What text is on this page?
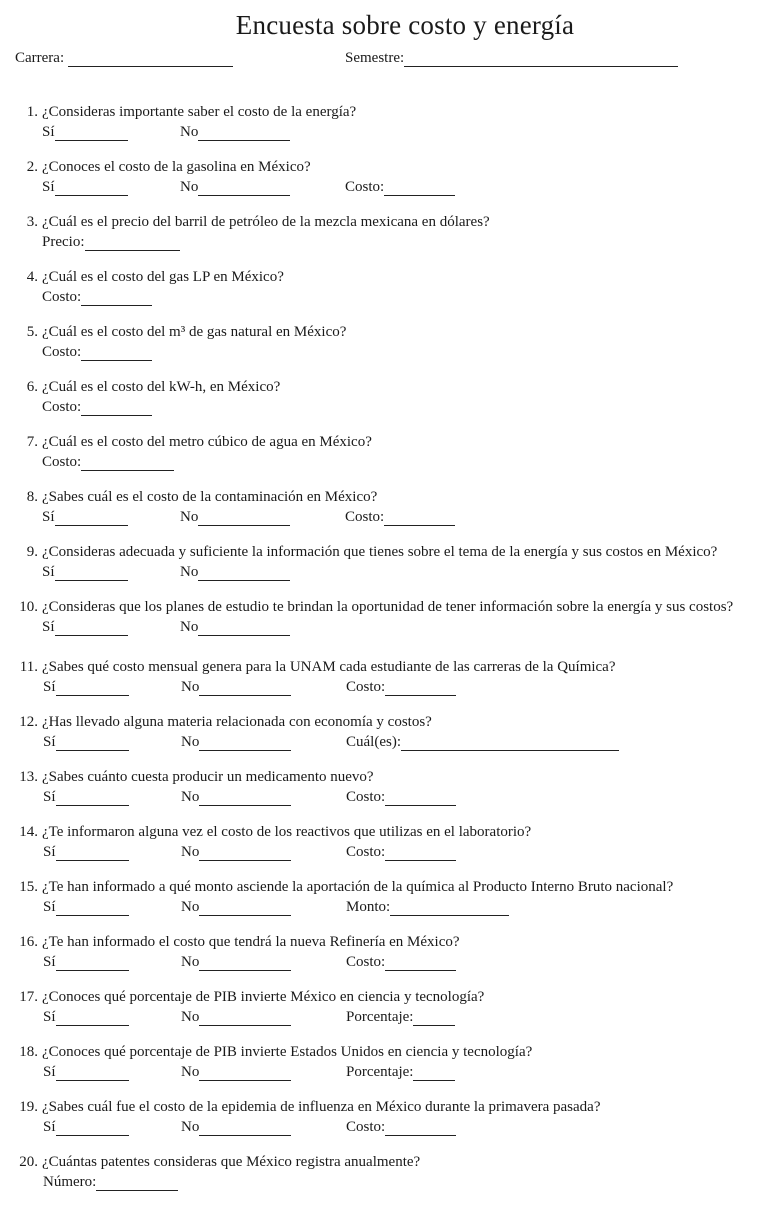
Encuesta sobre costo y energía
Carrera:	Semestre:
1. ¿Consideras importante saber el costo de la energía?
Sí	No
2. ¿Conoces el costo de la gasolina en México?
Sí	No	Costo:
3. ¿Cuál es el precio del barril de petróleo de la mezcla mexicana en dólares?
Precio:
4. ¿Cuál es el costo del gas LP en México?
Costo:
5. ¿Cuál es el costo del m³ de gas natural en México?
Costo:
6. ¿Cuál es el costo del kW-h, en México?
Costo:
7. ¿Cuál es el costo del metro cúbico de agua en México?
Costo:
8. ¿Sabes cuál es el costo de la contaminación en México?
Sí	No	Costo:
9. ¿Consideras adecuada y suficiente la información que tienes sobre el tema de la energía y sus costos en México?
Sí	No
10. ¿Consideras que los planes de estudio te brindan la oportunidad de tener información sobre la energía y sus costos?
Sí	No
11. ¿Sabes qué costo mensual genera para la UNAM cada estudiante de las carreras de la Química?
Sí	No	Costo:
12. ¿Has llevado alguna materia relacionada con economía y costos?
Sí	No	Cuál(es):
13. ¿Sabes cuánto cuesta producir un medicamento nuevo?
Sí	No	Costo:
14. ¿Te informaron alguna vez el costo de los reactivos que utilizas en el laboratorio?
Sí	No	Costo:
15. ¿Te han informado a qué monto asciende la aportación de la química al Producto Interno Bruto nacional?
Sí	No	Monto:
16. ¿Te han informado el costo que tendrá la nueva Refinería en México?
Sí	No	Costo:
17. ¿Conoces qué porcentaje de PIB invierte México en ciencia y tecnología?
Sí	No	Porcentaje:
18. ¿Conoces qué porcentaje de PIB invierte Estados Unidos en ciencia y tecnología?
Sí	No	Porcentaje:
19. ¿Sabes cuál fue el costo de la epidemia de influenza en México durante la primavera pasada?
Sí	No	Costo:
20. ¿Cuántas patentes consideras que México registra anualmente?
Número:
